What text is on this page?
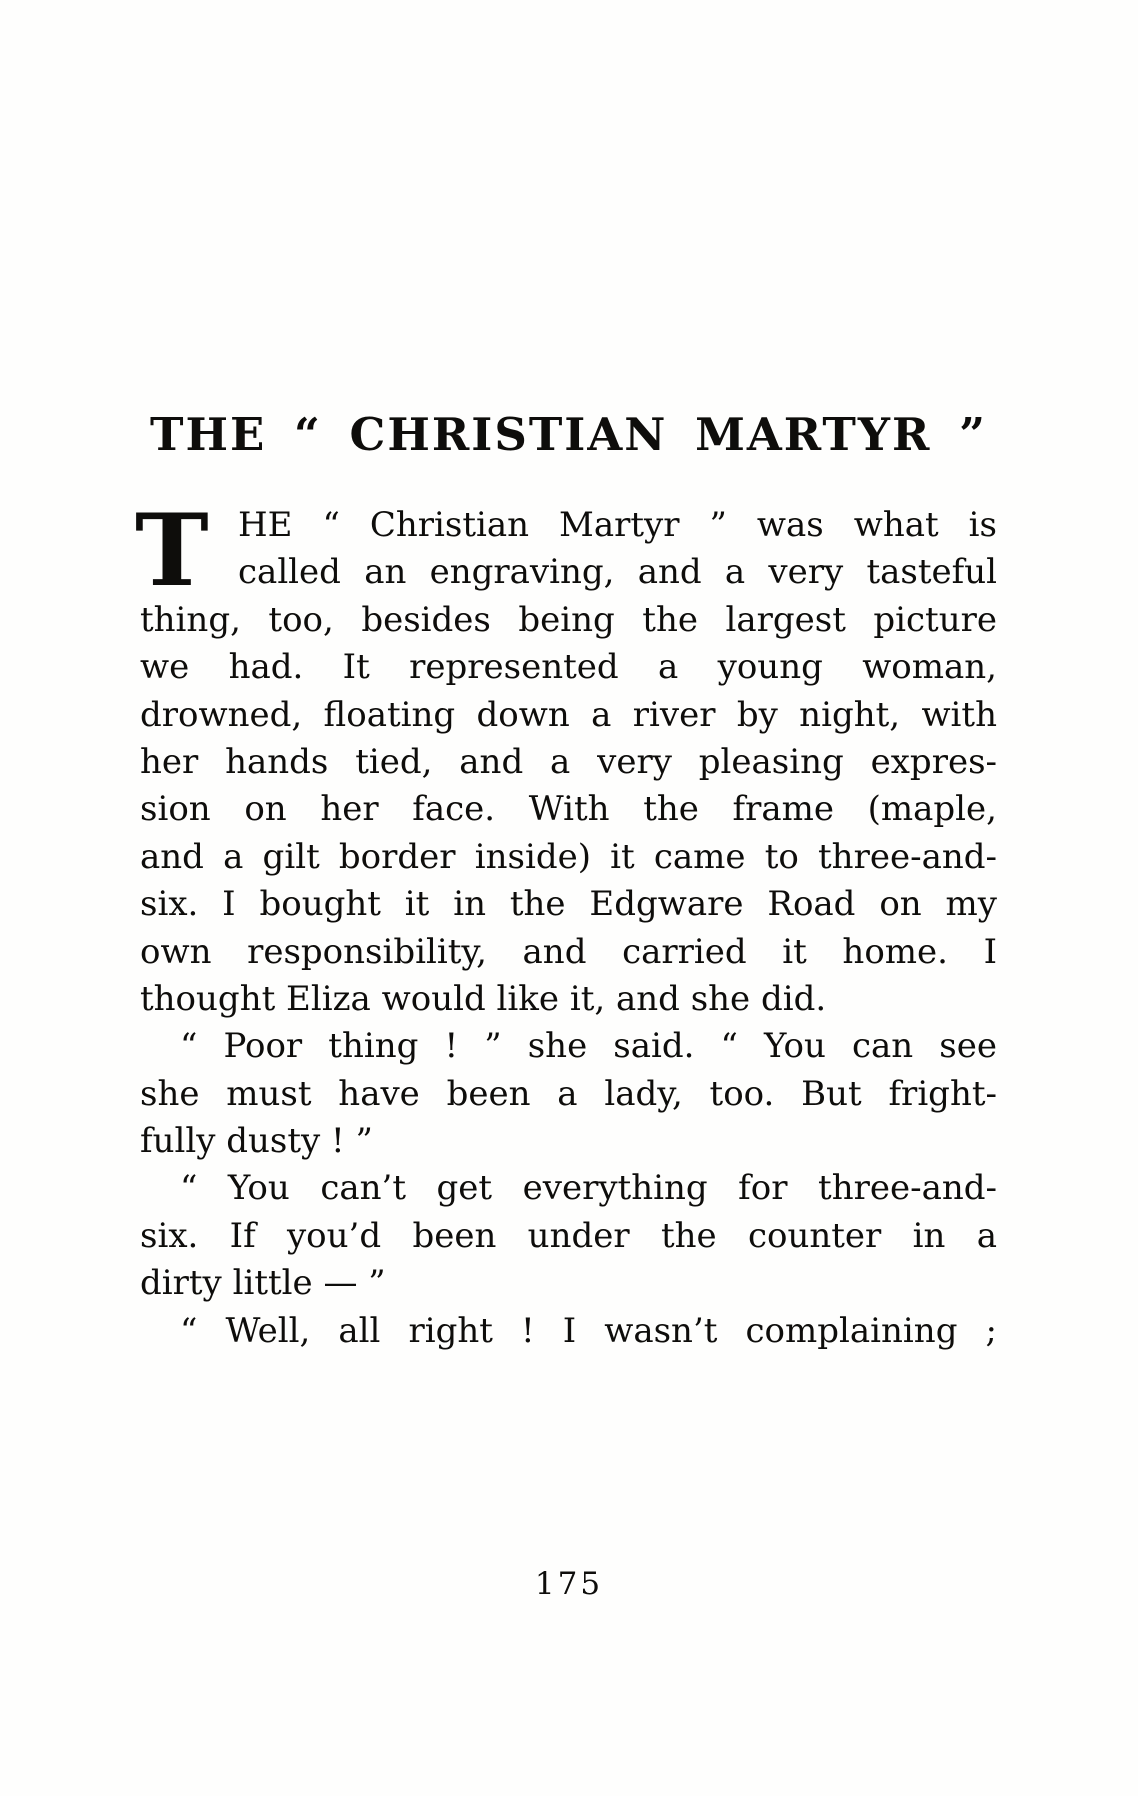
THE “ CHRISTIAN MARTYR ”
T HE “ Christian Martyr ” was what is
called an engraving, and a very tasteful
thing, too, besides being the largest picture
we had. It represented a young woman,
drowned, floating down a river by night, with
her hands tied, and a very pleasing expres-
sion on her face. With the frame (maple,
and a gilt border inside) it came to three-and-
six. I bought it in the Edgware Road on my
own responsibility, and carried it home. I
thought Eliza would like it, and she did.
“ Poor thing ! ” she said. “ You can see
she must have been a lady, too. But fright-
fully dusty ! ”
“ You can’t get everything for three-and-
six. If you’d been under the counter in a
dirty little — ”
“ Well, all right ! I wasn’t complaining ;
175
